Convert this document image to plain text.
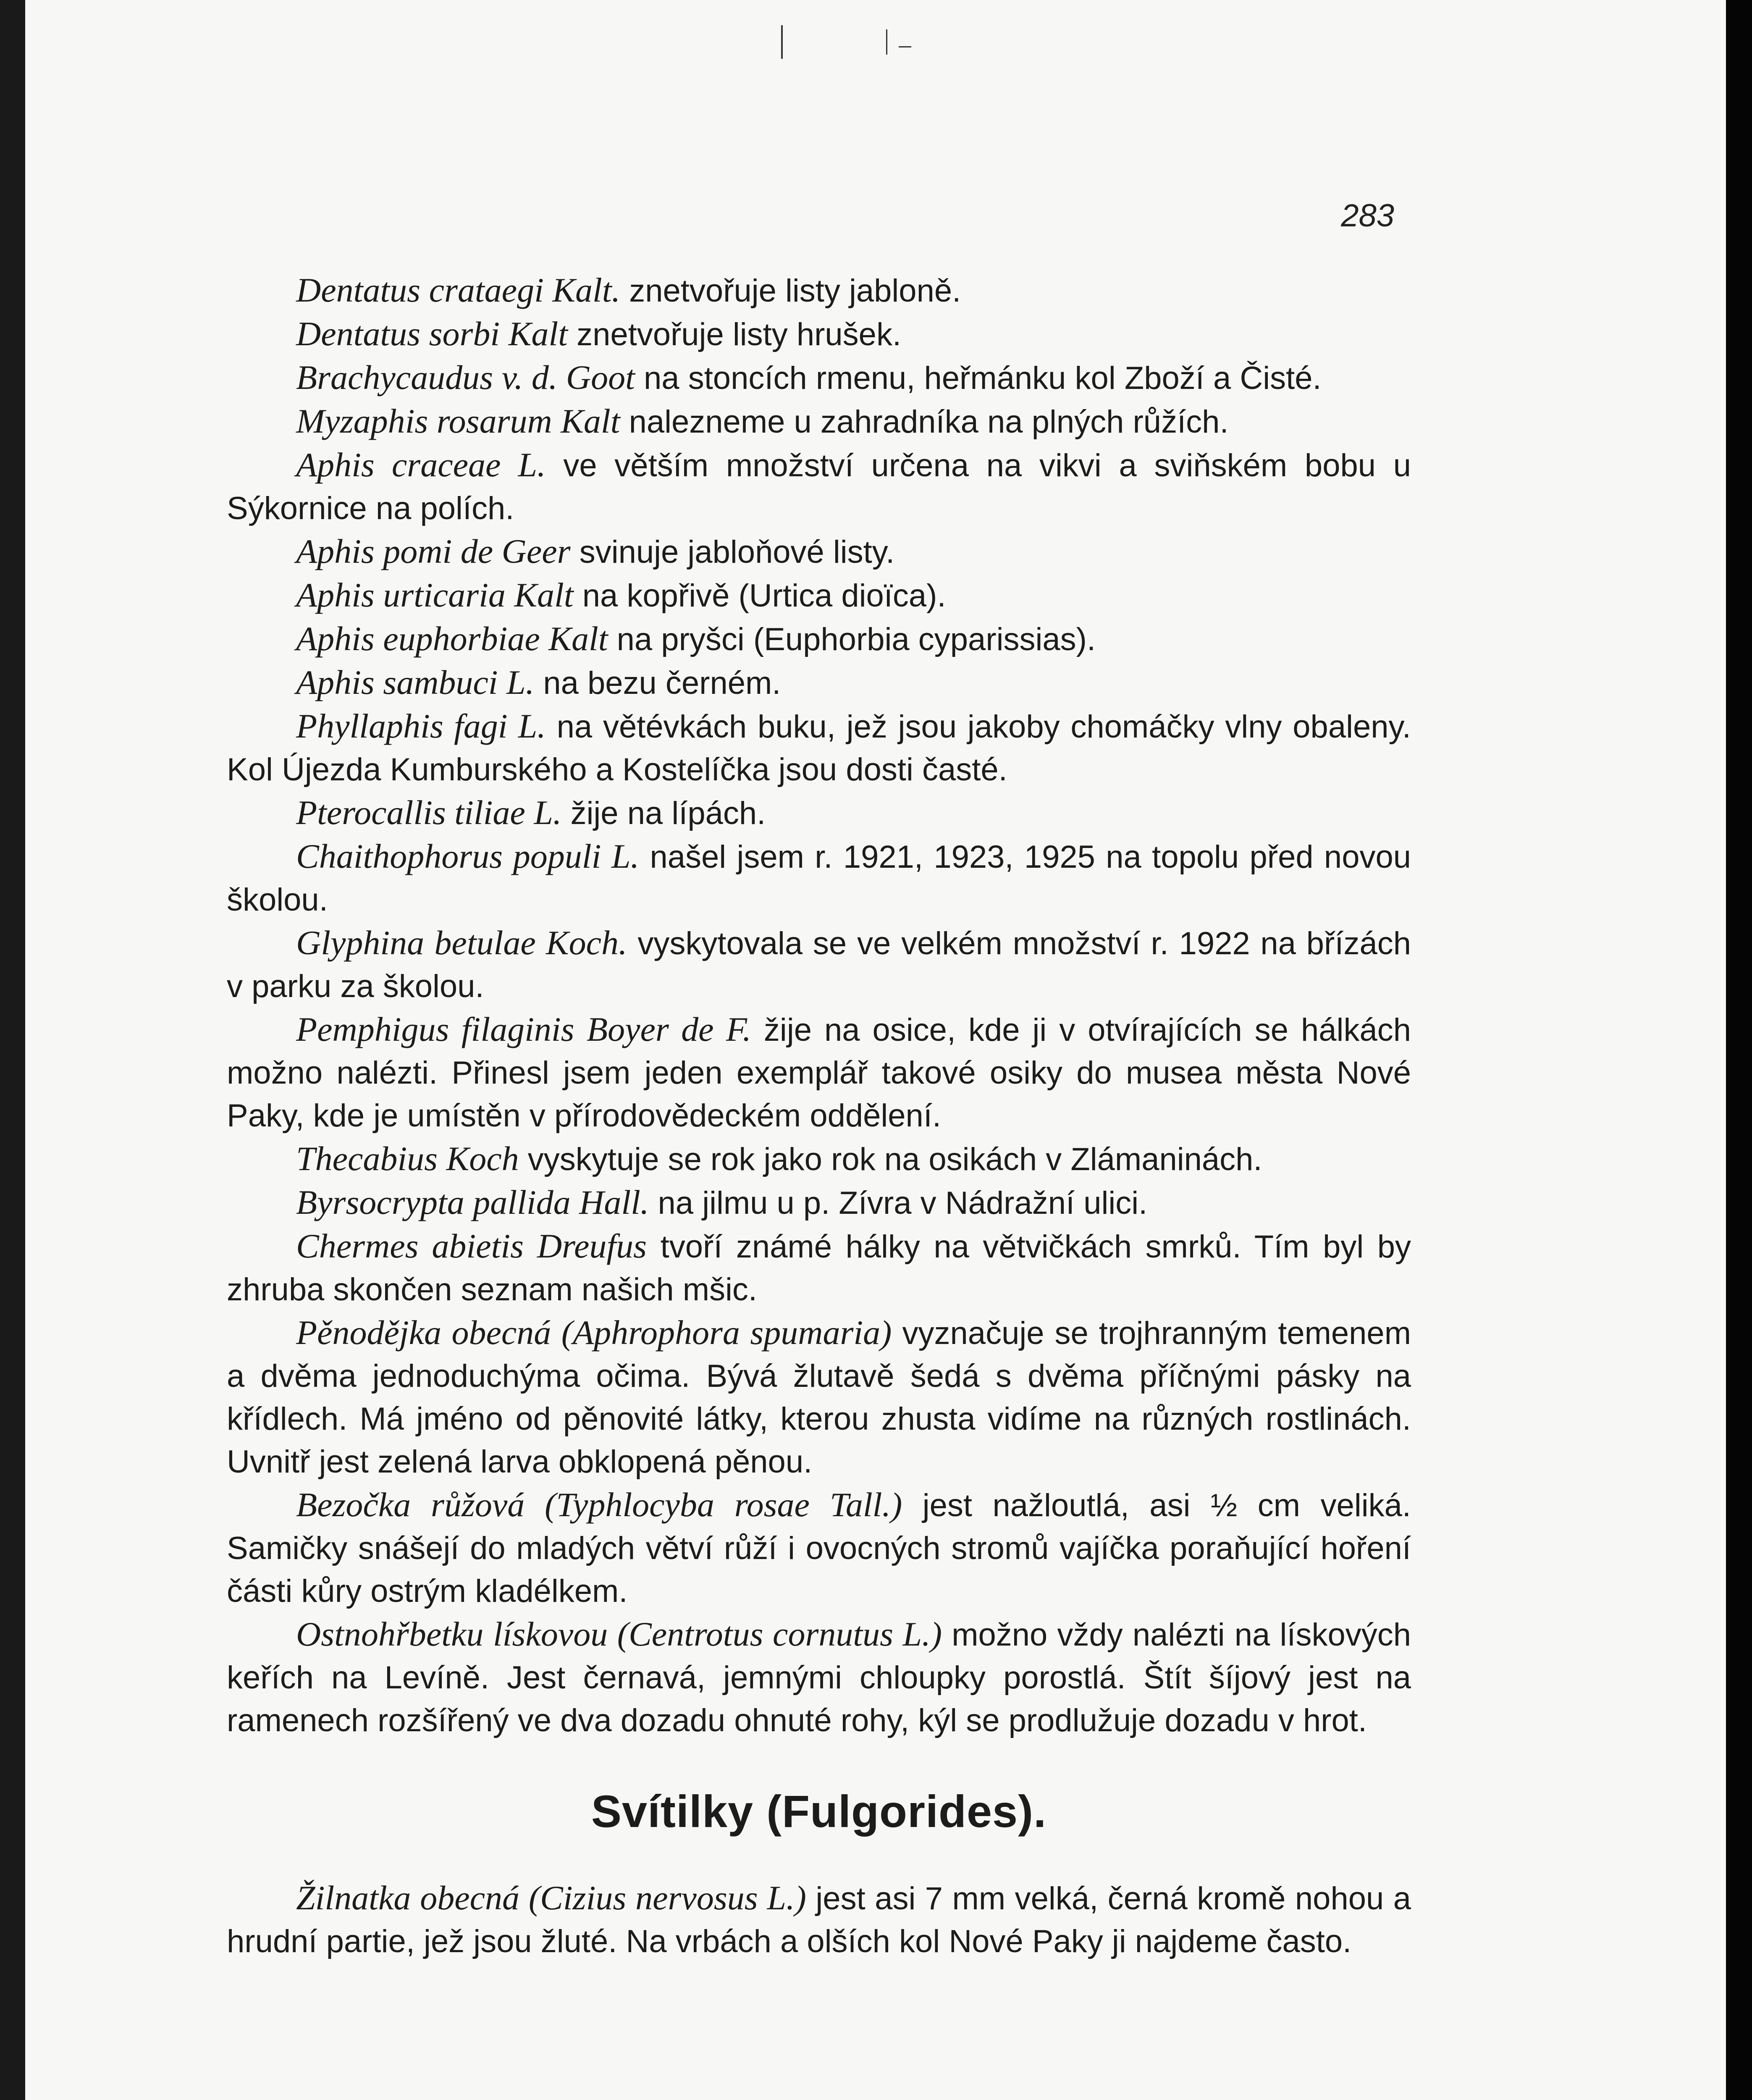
283

Dentatus crataegi Kalt. znetvořuje listy jabloně.

Dentatus sorbi Kalt znetvořuje listy hrušek.

Brachycaudus v. d. Goot na stoncích rmenu, heřmánku kol Zboží a Čisté.

Myzaphis rosarum Kalt nalezneme u zahradníka na plných růžích.

Aphis craceae L. ve větším množství určena na vikvi a sviňském bobu u Sýkornice na polích.

Aphis pomi de Geer svinuje jabloňové listy.

Aphis urticaria Kalt na kopřivě (Urtica dioïca).

Aphis euphorbiae Kalt na pryšci (Euphorbia cyparissias).

Aphis sambuci L. na bezu černém.

Phyllaphis fagi L. na větévkách buku, jež jsou jakoby chomáčky vlny obaleny. Kol Újezda Kumburského a Kostelíčka jsou dosti časté.

Pterocallis tiliae L. žije na lípách.

Chaithophorus populi L. našel jsem r. 1921, 1923, 1925 na topolu před novou školou.

Glyphina betulae Koch. vyskytovala se ve velkém množství r. 1922 na břízách v parku za školou.

Pemphigus filaginis Boyer de F. žije na osice, kde ji v otvírajících se hálkách možno nalézti. Přinesl jsem jeden exemplář takové osiky do musea města Nové Paky, kde je umístěn v přírodovědeckém oddělení.

Thecabius Koch vyskytuje se rok jako rok na osikách v Zlámaninách.

Byrsocrypta pallida Hall. na jilmu u p. Zívra v Nádražní ulici.

Chermes abietis Dreufus tvoří známé hálky na větvičkách smrků. Tím byl by zhruba skončen seznam našich mšic.

Pěnodějka obecná (Aphrophora spumaria) vyznačuje se trojhranným temenem a dvěma jednoduchýma očima. Bývá žlutavě šedá s dvěma příčnými pásky na křídlech. Má jméno od pěnovité látky, kterou zhusta vidíme na různých rostlinách. Uvnitř jest zelená larva obklopená pěnou.

Bezočka růžová (Typhlocyba rosae Tall.) jest nažloutlá, asi ½ cm veliká. Samičky snášejí do mladých větví růží i ovocných stromů vajíčka poraňující hoření části kůry ostrým kladélkem.

Ostnohřbetku lískovou (Centrotus cornutus L.) možno vždy nalézti na lískových keřích na Levíně. Jest černavá, jemnými chloupky porostlá. Štít šíjový jest na ramenech rozšířený ve dva dozadu ohnuté rohy, kýl se prodlužuje dozadu v hrot.

Svítilky (Fulgorides).

Žilnatka obecná (Cizius nervosus L.) jest asi 7 mm velká, černá kromě nohou a hrudní partie, jež jsou žluté. Na vrbách a olších kol Nové Paky ji najdeme často.
